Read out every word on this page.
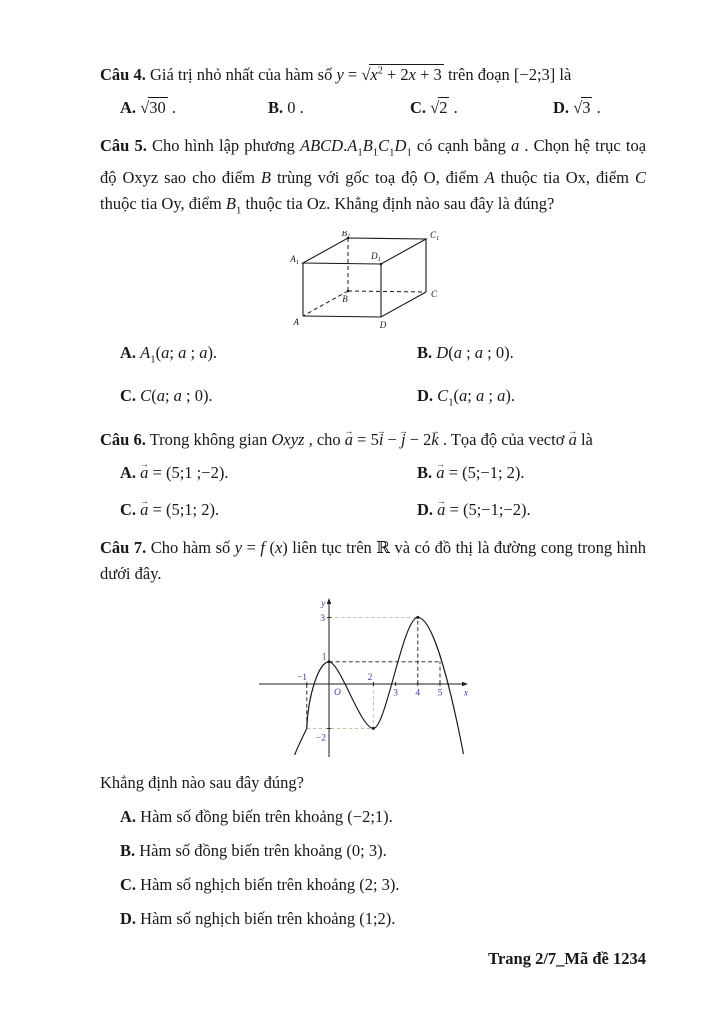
Câu 4. Giá trị nhỏ nhất của hàm số $y = √x^2 + 2x + 3$ trên đoạn [−2;3] là

A. √30 .	B. 0 .	C. √2 .	D. √3 .

Câu 5. Cho hình lập phương $ABCD.A_1B_1C_1D_1$ có cạnh bằng a . Chọn hệ trục toạ độ Oxyz sao cho điểm B trùng với gốc toạ độ O, điểm A thuộc tia Ox, điểm C thuộc tia Oy, điểm $B_1$ thuộc tia Oz. Khẳng định nào sau đây là đúng?

$A_1$
$B_1$	$C_1$
$D_1$
A
B	C
D
A. $A_1(a$; a ; a).	B. D(a ; a ; 0).
C. C(a; a ; 0).	D. $C_1(a$; a ; a).

Câu 6. Trong không gian Oxyz , cho a → = 5i → − j → − 2k → . Tọa độ của vectơ a → là

A. a → = (5;1 ;−2).	B. a → = (5;−1; 2).
C. a → = (5;1; 2).	D. a → = (5;−1;−2).

Câu 7. Cho hàm số y = f (x) liên tục trên ℝ và có đồ thị là đường cong trong hình dưới đây.

−1	2
3 4 5
3
1
−2
O	x
y

Khẳng định nào sau đây đúng?

A. Hàm số đồng biến trên khoảng (−2;1).
B. Hàm số đồng biến trên khoảng (0; 3).
C. Hàm số nghịch biến trên khoảng (2; 3).
D. Hàm số nghịch biến trên khoảng (1;2).
Trang 2/7_Mã đề 1234
